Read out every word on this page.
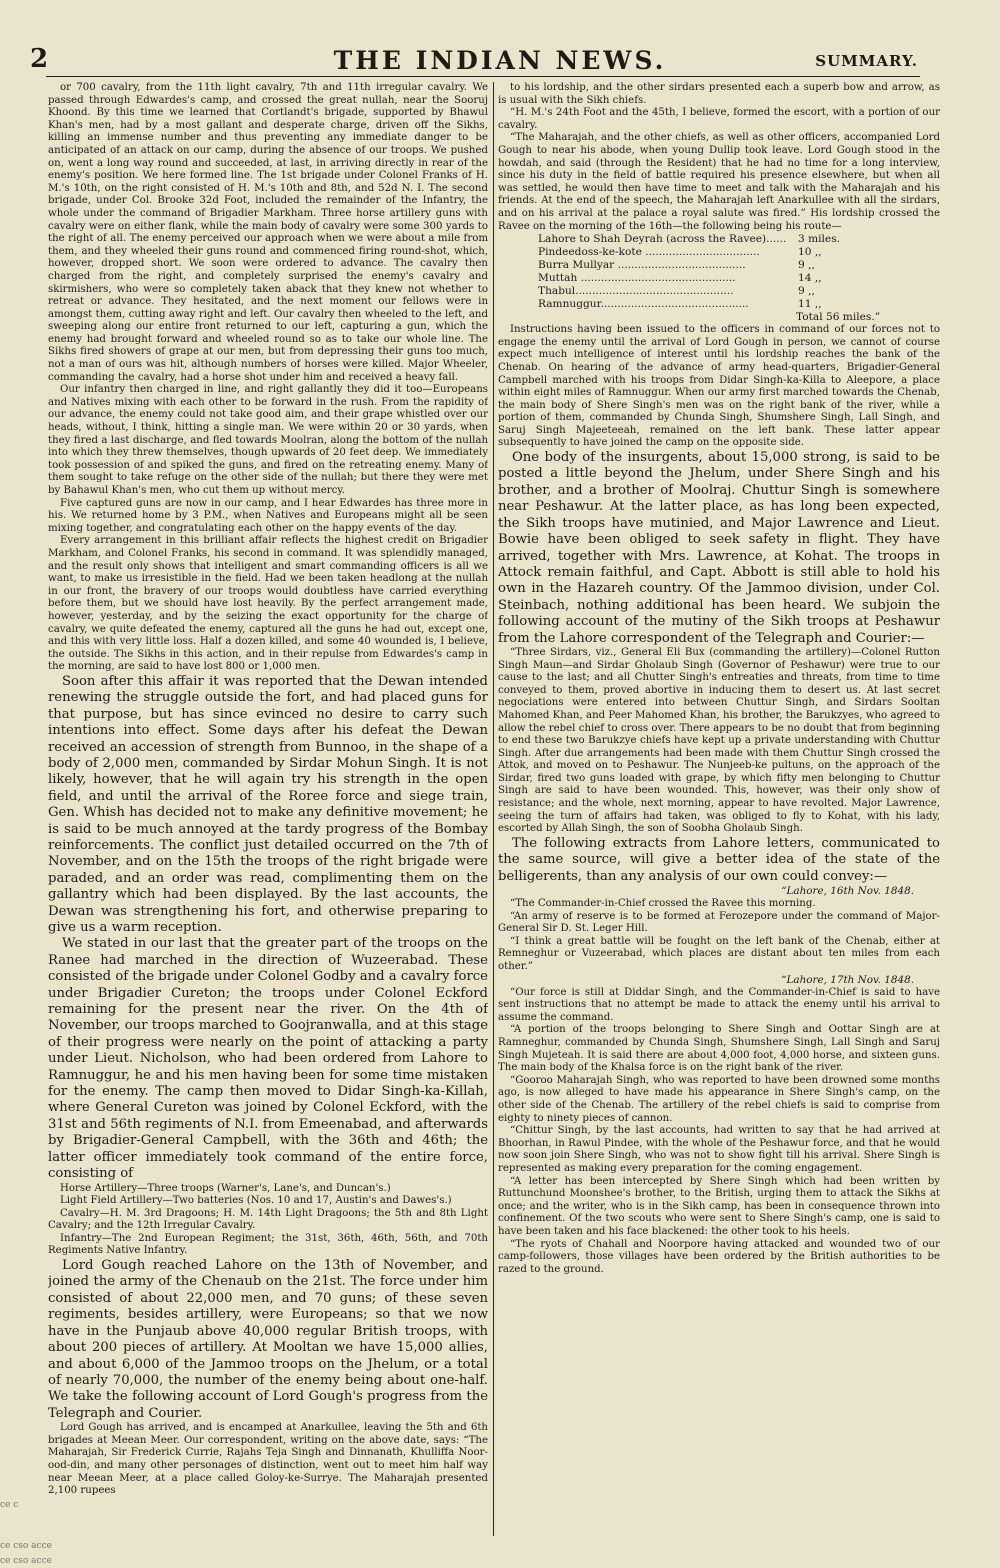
2	THE INDIAN NEWS.	SUMMARY.

or 700 cavalry, from the 11th light cavalry, 7th and 11th irregular cavalry. We passed through Edwardes's camp, and crossed the great nullah, near the Sooruj Khoond. By this time we learned that Cortlandt's brigade, supported by Bhawul Khan's men, had by a most gallant and desperate charge, driven off the Sikhs, killing an immense number and thus preventing any immediate danger to be anticipated of an attack on our camp, during the absence of our troops. We pushed on, went a long way round and succeeded, at last, in arriving directly in rear of the enemy's position. We here formed line. The 1st brigade under Colonel Franks of H. M.'s 10th, on the right consisted of H. M.'s 10th and 8th, and 52d N. I. The second brigade, under Col. Brooke 32d Foot, included the remainder of the Infantry, the whole under the command of Brigadier Markham. Three horse artillery guns with cavalry were on either flank, while the main body of cavalry were some 300 yards to the right of all. The enemy perceived our approach when we were about a mile from them, and they wheeled their guns round and commenced firing round-shot, which, however, dropped short. We soon were ordered to advance. The cavalry then charged from the right, and completely surprised the enemy's cavalry and skirmishers, who were so completely taken aback that they knew not whether to retreat or advance. They hesitated, and the next moment our fellows were in amongst them, cutting away right and left. Our cavalry then wheeled to the left, and sweeping along our entire front returned to our left, capturing a gun, which the enemy had brought forward and wheeled round so as to take our whole line. The Sikhs fired showers of grape at our men, but from depressing their guns too much, not a man of ours was hit, although numbers of horses were killed. Major Wheeler, commanding the cavalry, had a horse shot under him and received a heavy fall.

Our infantry then charged in line, and right gallantly they did it too—Europeans and Natives mixing with each other to be forward in the rush. From the rapidity of our advance, the enemy could not take good aim, and their grape whistled over our heads, without, I think, hitting a single man. We were within 20 or 30 yards, when they fired a last discharge, and fled towards Moolran, along the bottom of the nullah into which they threw themselves, though upwards of 20 feet deep. We immediately took possession of and spiked the guns, and fired on the retreating enemy. Many of them sought to take refuge on the other side of the nullah; but there they were met by Bahawul Khan's men, who cut them up without mercy.

Five captured guns are now in our camp, and I hear Edwardes has three more in his. We returned home by 3 P.M., when Natives and Europeans might all be seen mixing together, and congratulating each other on the happy events of the day.

Every arrangement in this brilliant affair reflects the highest credit on Brigadier Markham, and Colonel Franks, his second in command. It was splendidly managed, and the result only shows that intelligent and smart commanding officers is all we want, to make us irresistible in the field. Had we been taken headlong at the nullah in our front, the bravery of our troops would doubtless have carried everything before them, but we should have lost heavily. By the perfect arrangement made, however, yesterday, and by the seizing the exact opportunity for the charge of cavalry, we quite defeated the enemy, captured all the guns he had out, except one, and this with very little loss. Half a dozen killed, and some 40 wounded is, I believe, the outside. The Sikhs in this action, and in their repulse from Edwardes's camp in the morning, are said to have lost 800 or 1,000 men.

Soon after this affair it was reported that the Dewan intended renewing the struggle outside the fort, and had placed guns for that purpose, but has since evinced no desire to carry such intentions into effect. Some days after his defeat the Dewan received an accession of strength from Bunnoo, in the shape of a body of 2,000 men, commanded by Sirdar Mohun Singh. It is not likely, however, that he will again try his strength in the open field, and until the arrival of the Roree force and siege train, Gen. Whish has decided not to make any definitive movement; he is said to be much annoyed at the tardy progress of the Bombay reinforcements. The conflict just detailed occurred on the 7th of November, and on the 15th the troops of the right brigade were paraded, and an order was read, complimenting them on the gallantry which had been displayed. By the last accounts, the Dewan was strengthening his fort, and otherwise preparing to give us a warm reception.

We stated in our last that the greater part of the troops on the Ranee had marched in the direction of Wuzeerabad. These consisted of the brigade under Colonel Godby and a cavalry force under Brigadier Cureton; the troops under Colonel Eckford remaining for the present near the river. On the 4th of November, our troops marched to Goojranwalla, and at this stage of their progress were nearly on the point of attacking a party under Lieut. Nicholson, who had been ordered from Lahore to Ramnuggur, he and his men having been for some time mistaken for the enemy. The camp then moved to Didar Singh-ka-Killah, where General Cureton was joined by Colonel Eckford, with the 31st and 56th regiments of N.I. from Emeenabad, and afterwards by Brigadier-General Campbell, with the 36th and 46th; the latter officer immediately took command of the entire force, consisting of

Horse Artillery—Three troops (Warner's, Lane's, and Duncan's.)

Light Field Artillery—Two batteries (Nos. 10 and 17, Austin's and Dawes's.)

Cavalry—H. M. 3rd Dragoons; H. M. 14th Light Dragoons; the 5th and 8th Light Cavalry; and the 12th Irregular Cavalry.

Infantry—The 2nd European Regiment; the 31st, 36th, 46th, 56th, and 70th Regiments Native Infantry.

Lord Gough reached Lahore on the 13th of November, and joined the army of the Chenaub on the 21st. The force under him consisted of about 22,000 men, and 70 guns; of these seven regiments, besides artillery, were Europeans; so that we now have in the Punjaub above 40,000 regular British troops, with about 200 pieces of artillery. At Mooltan we have 15,000 allies, and about 6,000 of the Jammoo troops on the Jhelum, or a total of nearly 70,000, the number of the enemy being about one-half. We take the following account of Lord Gough's progress from the Telegraph and Courier.

Lord Gough has arrived, and is encamped at Anarkullee, leaving the 5th and 6th brigades at Meean Meer. Our correspondent, writing on the above date, says: “The Maharajah, Sir Frederick Currie, Rajahs Teja Singh and Dinnanath, Khulliffa Noor-ood-din, and many other personages of distinction, went out to meet him half way near Meean Meer, at a place called Goloy-ke-Surrye. The Maharajah presented 2,100 rupees

to his lordship, and the other sirdars presented each a superb bow and arrow, as is usual with the Sikh chiefs.

“H. M.'s 24th Foot and the 45th, I believe, formed the escort, with a portion of our cavalry.

“The Maharajah, and the other chiefs, as well as other officers, accompanied Lord Gough to near his abode, when young Dullip took leave. Lord Gough stood in the howdah, and said (through the Resident) that he had no time for a long interview, since his duty in the field of battle required his presence elsewhere, but when all was settled, he would then have time to meet and talk with the Maharajah and his friends. At the end of the speech, the Maharajah left Anarkullee with all the sirdars, and on his arrival at the palace a royal salute was fired.” His lordship crossed the Ravee on the morning of the 16th—the following being his route—

Lahore to Shah Deyrah (across the Ravee)......	3 miles.
Pindeedoss-ke-kote ..................................	10 ,,
Burra Mullyar ......................................	9 ,,
Muttah ..............................................	14 ,,
Thabul...............................................	9 ,,
Ramnuggur............................................	11 ,,
Total 56 miles.”

Instructions having been issued to the officers in command of our forces not to engage the enemy until the arrival of Lord Gough in person, we cannot of course expect much intelligence of interest until his lordship reaches the bank of the Chenab. On hearing of the advance of army head-quarters, Brigadier-General Campbell marched with his troops from Didar Singh-ka-Killa to Aleepore, a place within eight miles of Ramnuggur. When our army first marched towards the Chenab, the main body of Shere Singh's men was on the right bank of the river, while a portion of them, commanded by Chunda Singh, Shumshere Singh, Lall Singh, and Saruj Singh Majeeteeah, remained on the left bank. These latter appear subsequently to have joined the camp on the opposite side.

One body of the insurgents, about 15,000 strong, is said to be posted a little beyond the Jhelum, under Shere Singh and his brother, and a brother of Moolraj. Chuttur Singh is somewhere near Peshawur. At the latter place, as has long been expected, the Sikh troops have mutinied, and Major Lawrence and Lieut. Bowie have been obliged to seek safety in flight. They have arrived, together with Mrs. Lawrence, at Kohat. The troops in Attock remain faithful, and Capt. Abbott is still able to hold his own in the Hazareh country. Of the Jammoo division, under Col. Steinbach, nothing additional has been heard. We subjoin the following account of the mutiny of the Sikh troops at Peshawur from the Lahore correspondent of the Telegraph and Courier:—

“Three Sirdars, viz., General Eli Bux (commanding the artillery)—Colonel Rutton Singh Maun—and Sirdar Gholaub Singh (Governor of Peshawur) were true to our cause to the last; and all Chutter Singh's entreaties and threats, from time to time conveyed to them, proved abortive in inducing them to desert us. At last secret negociations were entered into between Chuttur Singh, and Sirdars Sooltan Mahomed Khan, and Peer Mahomed Khan, his brother, the Barukzyes, who agreed to allow the rebel chief to cross over. There appears to be no doubt that from beginning to end these two Barukzye chiefs have kept up a private understanding with Chuttur Singh. After due arrangements had been made with them Chuttur Singh crossed the Attok, and moved on to Peshawur. The Nunjeeb-ke pultuns, on the approach of the Sirdar, fired two guns loaded with grape, by which fifty men belonging to Chuttur Singh are said to have been wounded. This, however, was their only show of resistance; and the whole, next morning, appear to have revolted. Major Lawrence, seeing the turn of affairs had taken, was obliged to fly to Kohat, with his lady, escorted by Allah Singh, the son of Soobha Gholaub Singh.

The following extracts from Lahore letters, communicated to the same source, will give a better idea of the state of the belligerents, than any analysis of our own could convey:—

“Lahore, 16th Nov. 1848.

“The Commander-in-Chief crossed the Ravee this morning.

“An army of reserve is to be formed at Ferozepore under the command of Major-General Sir D. St. Leger Hill.

“I think a great battle will be fought on the left bank of the Chenab, either at Remneghur or Vuzeerabad, which places are distant about ten miles from each other.”

“Lahore, 17th Nov. 1848.

“Our force is still at Diddar Singh, and the Commander-in-Chief is said to have sent instructions that no attempt be made to attack the enemy until his arrival to assume the command.

“A portion of the troops belonging to Shere Singh and Oottar Singh are at Ramneghur, commanded by Chunda Singh, Shumshere Singh, Lall Singh and Saruj Singh Mujeteah. It is said there are about 4,000 foot, 4,000 horse, and sixteen guns. The main body of the Khalsa force is on the right bank of the river.

“Gooroo Maharajah Singh, who was reported to have been drowned some months ago, is now alleged to have made his appearance in Shere Singh's camp, on the other side of the Chenab. The artillery of the rebel chiefs is said to comprise from eighty to ninety pieces of cannon.

“Chittur Singh, by the last accounts, had written to say that he had arrived at Bhoorhan, in Rawul Pindee, with the whole of the Peshawur force, and that he would now soon join Shere Singh, who was not to show fight till his arrival. Shere Singh is represented as making every preparation for the coming engagement.

“A letter has been intercepted by Shere Singh which had been written by Ruttunchund Moonshee's brother, to the British, urging them to attack the Sikhs at once; and the writer, who is in the Sikh camp, has been in consequence thrown into confinement. Of the two scouts who were sent to Shere Singh's camp, one is said to have been taken and his face blackened: the other took to his heels.

“The ryots of Chahall and Noorpore having attacked and wounded two of our camp-followers, those villages have been ordered by the British authorities to be razed to the ground.

ce c
ce cso acce
ce cso acce
